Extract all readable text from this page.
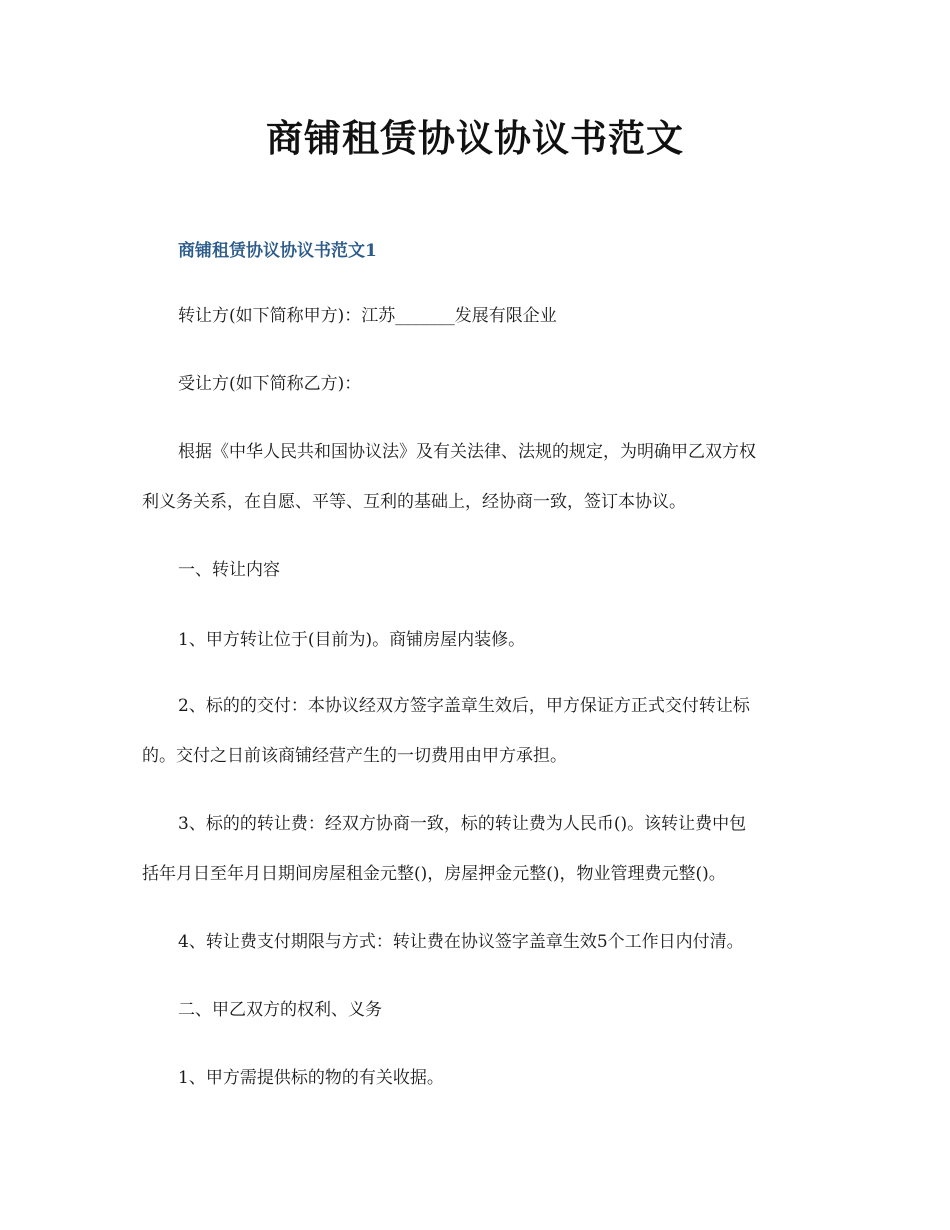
商铺租赁协议协议书范文
商铺租赁协议协议书范文1
转让方(如下简称甲方)：江苏_______发展有限企业
受让方(如下简称乙方)：
根据《中华人民共和国协议法》及有关法律、法规的规定，为明确甲乙双方权
利义务关系，在自愿、平等、互利的基础上，经协商一致，签订本协议。
一、转让内容
1、甲方转让位于(目前为)。商铺房屋内装修。
2、标的的交付：本协议经双方签字盖章生效后，甲方保证方正式交付转让标
的。交付之日前该商铺经营产生的一切费用由甲方承担。
3、标的的转让费：经双方协商一致，标的转让费为人民币()。该转让费中包
括年月日至年月日期间房屋租金元整()，房屋押金元整()，物业管理费元整()。
4、转让费支付期限与方式：转让费在协议签字盖章生效5个工作日内付清。
二、甲乙双方的权利、义务
1、甲方需提供标的物的有关收据。
